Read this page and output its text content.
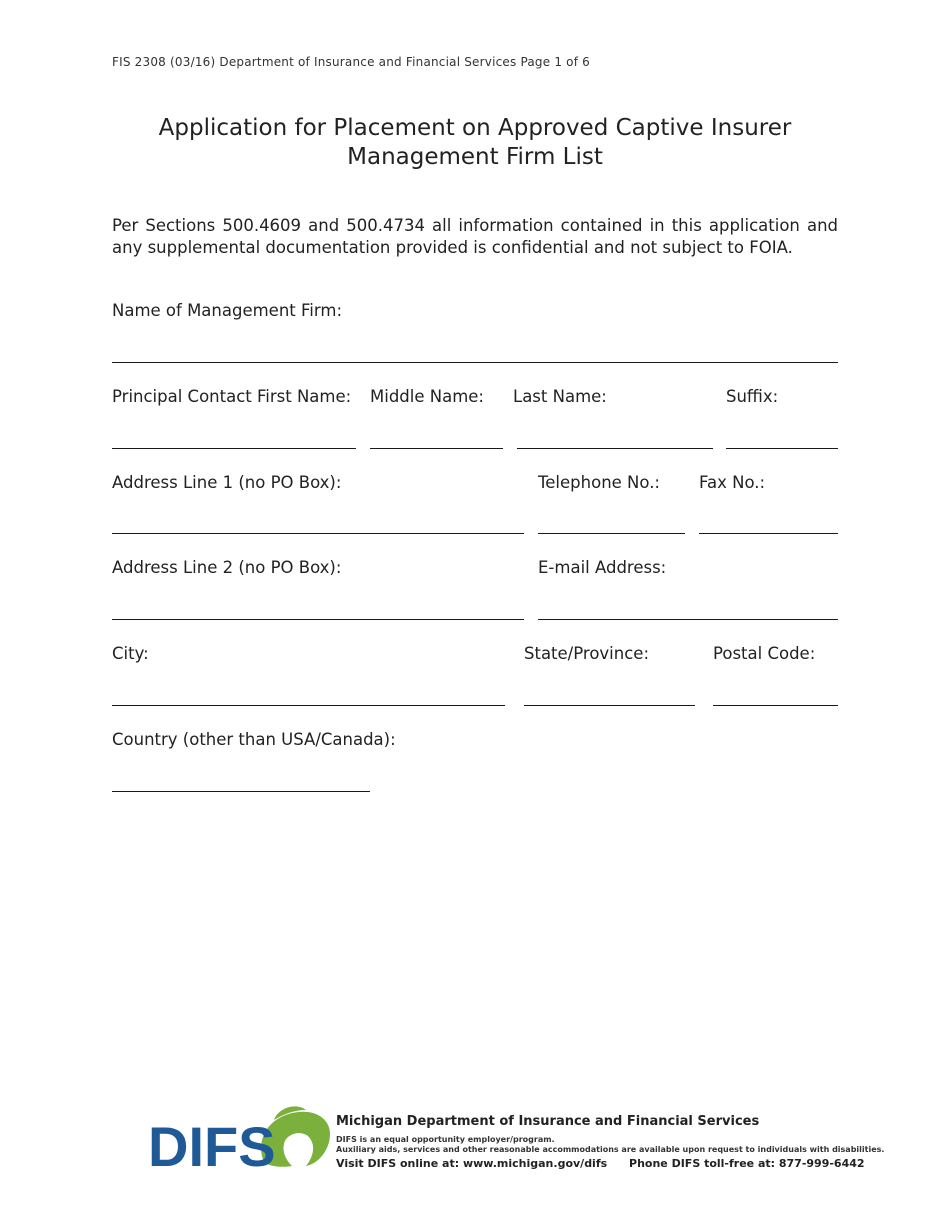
FIS 2308 (03/16) Department of Insurance and Financial Services Page 1 of 6
Application for Placement on Approved Captive Insurer
Management Firm List
Per Sections 500.4609 and 500.4734 all information contained in this application and any supplemental documentation provided is confidential and not subject to FOIA.
Name of Management Firm:
Principal Contact First Name: Middle Name: Last Name:	Suffix:
Address Line 1 (no PO Box):	Telephone No.: Fax No.:
Address Line 2 (no PO Box):	E-mail Address:
City:	State/Province:	Postal Code:
Country (other than USA/Canada):
DIFS	Michigan Department of Insurance and Financial Services
DIFS is an equal opportunity employer/program.
Auxiliary aids, services and other reasonable accommodations are available upon request to individuals with disabilities.
Visit DIFS online at: www.michigan.gov/difs Phone DIFS toll-free at: 877-999-6442
